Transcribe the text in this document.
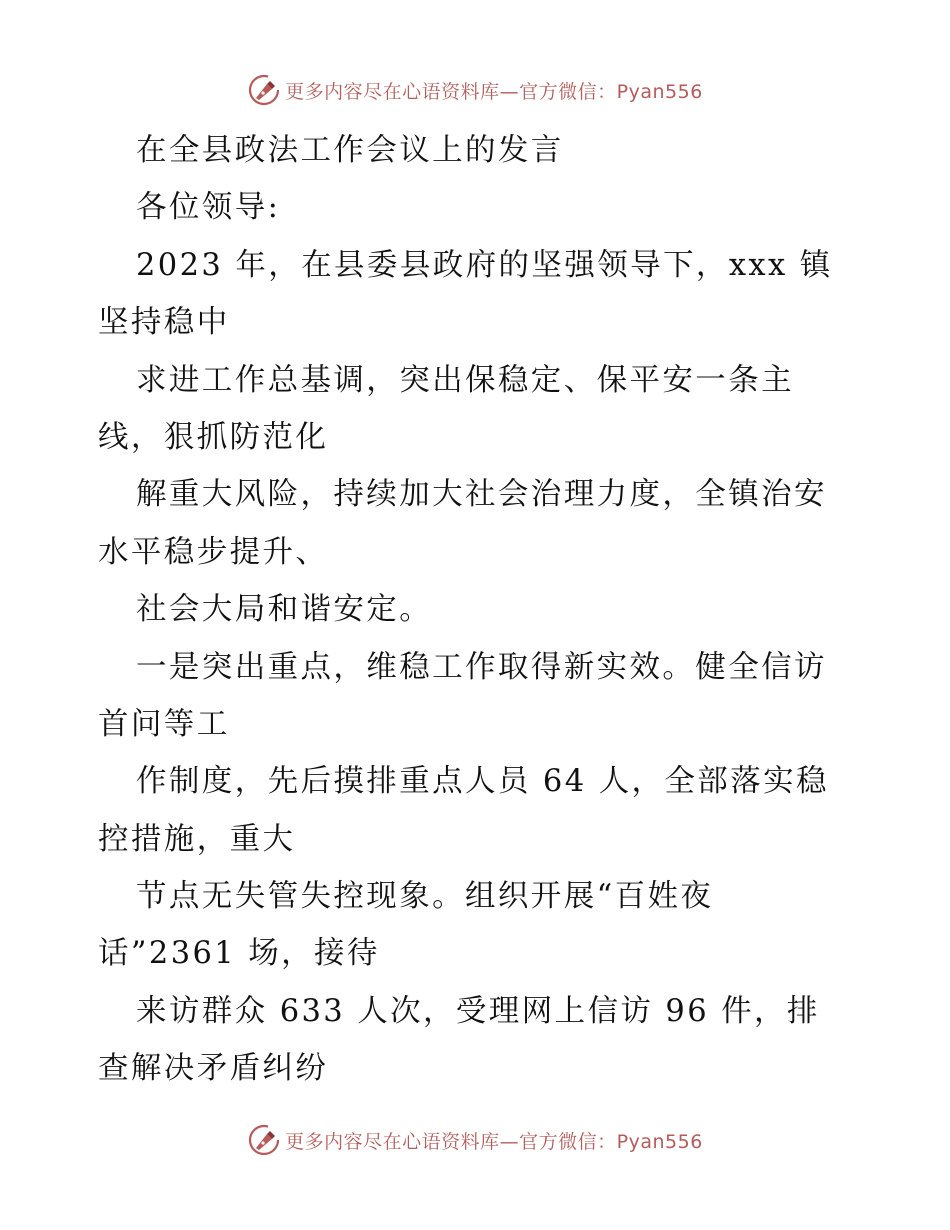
更多内容尽在心语资料库—官方微信：Pyan556
在全县政法工作会议上的发言
各位领导:
2023 年，在县委县政府的坚强领导下，xxx 镇
坚持稳中
求进工作总基调，突出保稳定、保平安一条主
线，狠抓防范化
解重大风险，持续加大社会治理力度，全镇治安
水平稳步提升、
社会大局和谐安定。
一是突出重点，维稳工作取得新实效。健全信访
首问等工
作制度，先后摸排重点人员 64 人，全部落实稳
控措施，重大
节点无失管失控现象。组织开展“百姓夜
话”2361 场，接待
来访群众 633 人次，受理网上信访 96 件，排
查解决矛盾纠纷
更多内容尽在心语资料库—官方微信：Pyan556
